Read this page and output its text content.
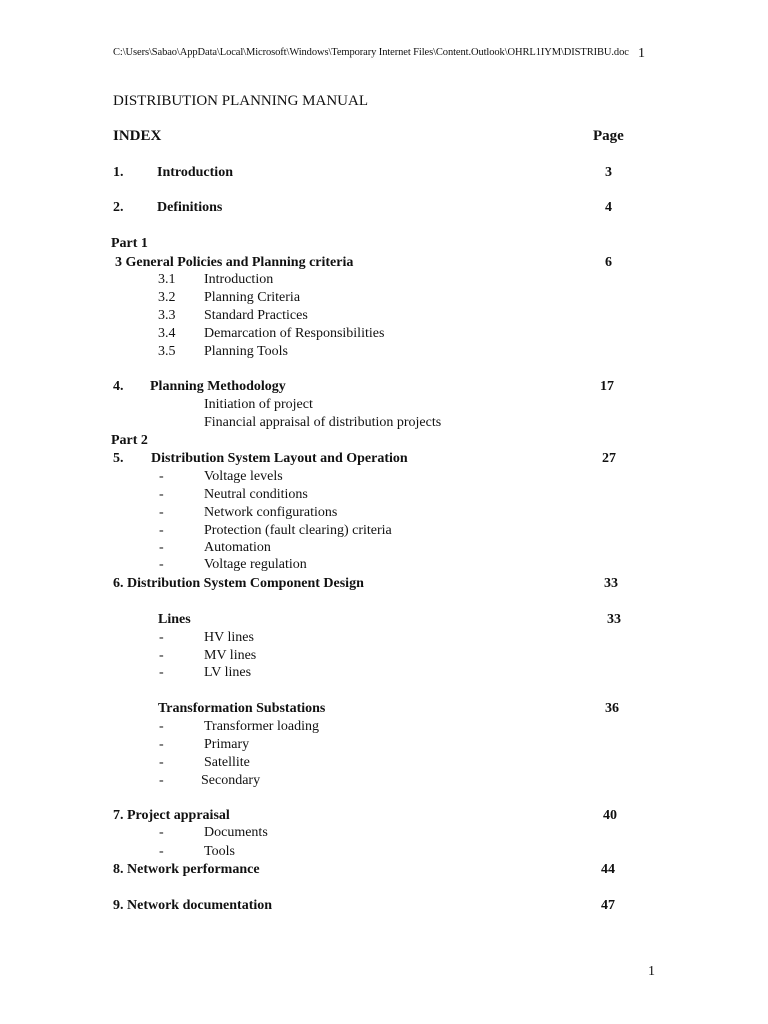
C:\Users\Sabao\AppData\Local\Microsoft\Windows\Temporary Internet Files\Content.Outlook\OHRL1IYM\DISTRIBU.doc 1
DISTRIBUTION PLANNING MANUAL
INDEX	Page
1. Introduction	3
2. Definitions	4
Part 1
3 General Policies and Planning criteria	6
3.1 Introduction
3.2 Planning Criteria
3.3 Standard Practices
3.4 Demarcation of Responsibilities
3.5 Planning Tools
4. Planning Methodology	17
Initiation of project
Financial appraisal of distribution projects
Part 2
5. Distribution System Layout and Operation	27
-	Voltage levels
-	Neutral conditions
-	Network configurations
-	Protection (fault clearing) criteria
-	Automation
-	Voltage regulation
6. Distribution System Component Design	33
Lines	33
-	HV lines
-	MV lines
-	LV lines
Transformation Substations	36
-	Transformer loading
-	Primary
-	Satellite
-	Secondary
7. Project appraisal	40
-	Documents
-	Tools
8. Network performance	44
9. Network documentation	47
1
